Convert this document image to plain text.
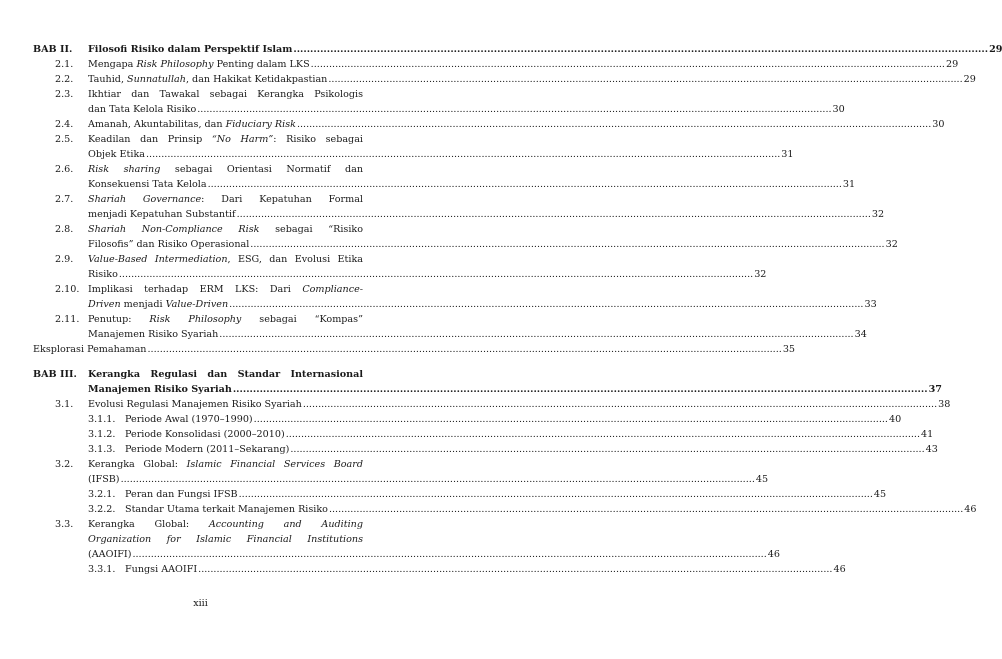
BAB II. Filosofi Risiko dalam Perspektif Islam .....	29
2.1. Mengapa Risk Philosophy Penting dalam LKS .....	29
2.2. Tauhid, Sunnatullah, dan Hakikat Ketidakpastian .....	29
2.3. Ikhtiar dan Tawakal sebagai Kerangka Psikologis
dan Tata Kelola Risiko .....	30
2.4. Amanah, Akuntabilitas, dan Fiduciary Risk .....	30
2.5. Keadilan dan Prinsip “No Harm”: Risiko sebagai
Objek Etika .....	31
2.6. Risk sharing sebagai Orientasi Normatif dan
Konsekuensi Tata Kelola .....	31
2.7. Shariah Governance: Dari Kepatuhan Formal
menjadi Kepatuhan Substantif .....	32
2.8. Shariah Non-Compliance Risk sebagai “Risiko
Filosofis” dan Risiko Operasional .....	32
2.9. Value-Based Intermediation, ESG, dan Evolusi Etika
Risiko .....	32
2.10. Implikasi terhadap ERM LKS: Dari Compliance-
Driven menjadi Value-Driven .....	33
2.11. Penutup: Risk Philosophy sebagai “Kompas”
Manajemen Risiko Syariah .....	34
Eksplorasi Pemahaman .....	35
BAB III. Kerangka Regulasi dan Standar Internasional
Manajemen Risiko Syariah .....	37
3.1. Evolusi Regulasi Manajemen Risiko Syariah .....	38
3.1.1. Periode Awal (1970–1990) .....	40
3.1.2. Periode Konsolidasi (2000–2010) .....	41
3.1.3. Periode Modern (2011–Sekarang) .....	43
3.2. Kerangka Global: Islamic Financial Services Board
(IFSB) .....	45
3.2.1. Peran dan Fungsi IFSB .....	45
3.2.2. Standar Utama terkait Manajemen Risiko .....	46
3.3. Kerangka Global: Accounting and Auditing
Organization for Islamic Financial Institutions
(AAOIFI) .....	46
3.3.1. Fungsi AAOIFI .....	46
xiii
